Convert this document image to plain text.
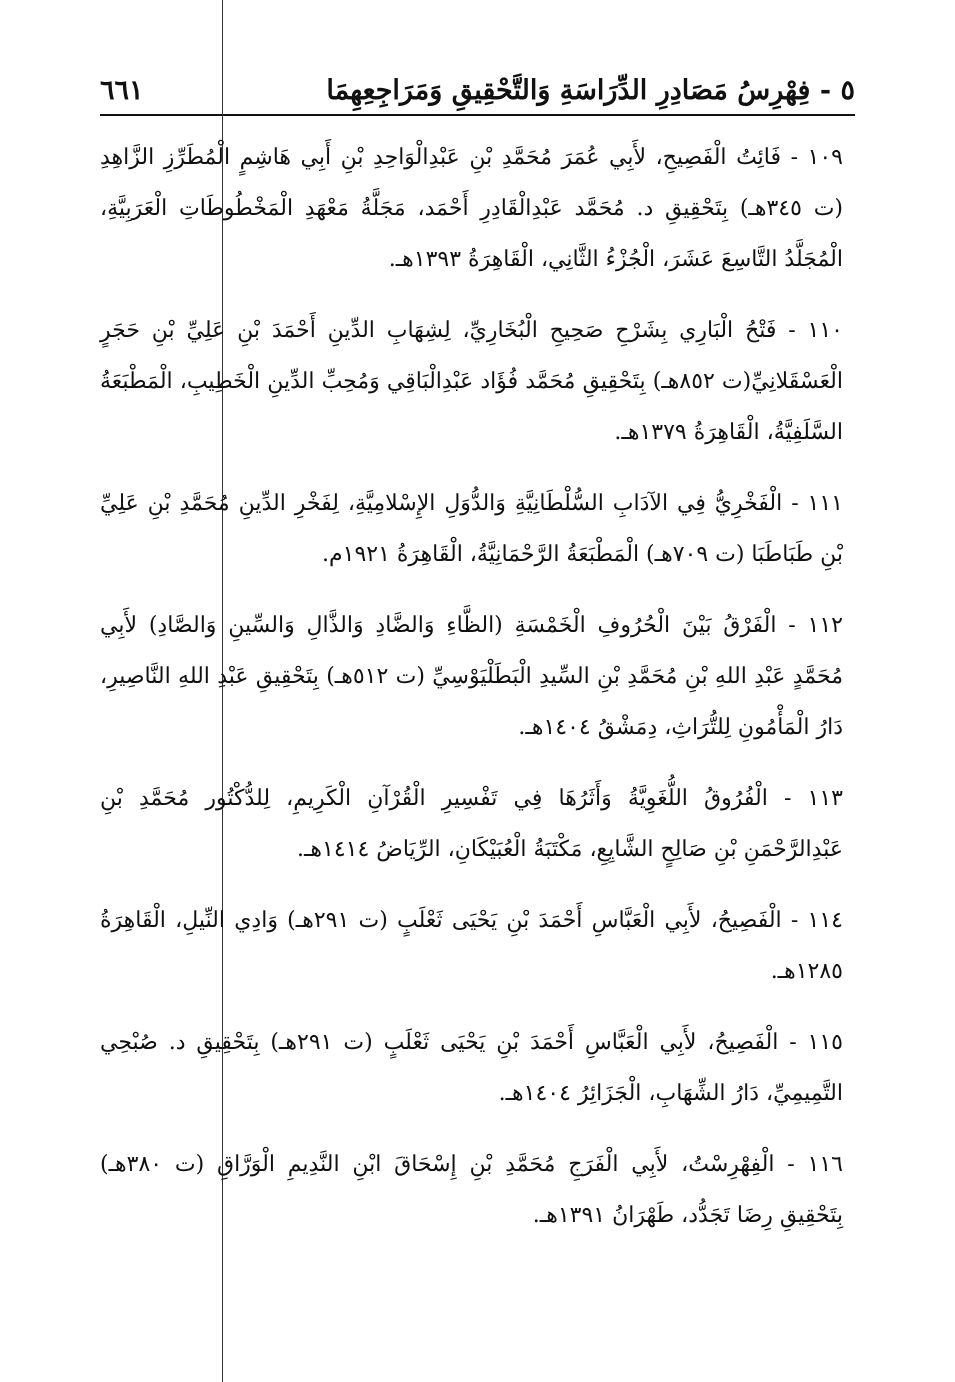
٥ - فِهْرِسُ مَصَادِرِ الدِّرَاسَةِ وَالتَّحْقِيقِ وَمَرَاجِعِهِمَا
٦٦١

١٠٩ - فَائِتُ الْفَصِيحِ، لأَبِي عُمَرَ مُحَمَّدِ بْنِ عَبْدِالْوَاحِدِ بْنِ أَبِي هَاشِمٍ الْمُطَرِّزِ الزَّاهِدِ (ت ٣٤٥هـ) بِتَحْقِيقِ د. مُحَمَّد عَبْدِالْقَادِرِ أَحْمَد، مَجَلَّةُ مَعْهَدِ الْمَخْطُوطَاتِ الْعَرَبِيَّةِ، الْمُجَلَّدُ التَّاسِعَ عَشَرَ، الْجُزْءُ الثَّانِي، الْقَاهِرَةُ ١٣٩٣هـ.

١١٠ - فَتْحُ الْبَارِي بِشَرْحِ صَحِيحِ الْبُخَارِيِّ، لِشِهَابِ الدِّينِ أَحْمَدَ بْنِ عَلِيِّ بْنِ حَجَرٍ الْعَسْقَلانِيِّ(ت ٨٥٢هـ) بِتَحْقِيقِ مُحَمَّد فُؤَاد عَبْدِالْبَاقِي وَمُحِبِّ الدِّينِ الْخَطِيبِ، الْمَطْبَعَةُ السَّلَفِيَّةُ، الْقَاهِرَةُ ١٣٧٩هـ.

١١١ - الْفَخْرِيُّ فِي الآدَابِ السُّلْطَانِيَّةِ وَالدُّوَلِ الإِسْلامِيَّةِ، لِفَخْرِ الدِّينِ مُحَمَّدِ بْنِ عَلِيِّ بْنِ طَبَاطَبَا (ت ٧٠٩هـ) الْمَطْبَعَةُ الرَّحْمَانِيَّةُ، الْقَاهِرَةُ ١٩٢١م.

١١٢ - الْفَرْقُ بَيْنَ الْحُرُوفِ الْخَمْسَةِ (الظَّاءِ وَالضَّادِ وَالذَّالِ وَالسِّينِ وَالصَّادِ) لأَبِي مُحَمَّدٍ عَبْدِ اللهِ بْنِ مُحَمَّدِ بْنِ السِّيدِ الْبَطَلْيَوْسِيِّ (ت ٥١٢هـ) بِتَحْقِيقِ عَبْدِ اللهِ النَّاصِيرِ، دَارُ الْمَأْمُونِ لِلتُّرَاثِ، دِمَشْقُ ١٤٠٤هـ.

١١٣ - الْفُرُوقُ اللُّغَوِيَّةُ وَأَثَرُهَا فِي تَفْسِيرِ الْقُرْآنِ الْكَرِيمِ، لِلدُّكْتُور مُحَمَّدِ بْنِ عَبْدِالرَّحْمَنِ بْنِ صَالِحٍ الشَّايِعِ، مَكْتَبَةُ الْعُبَيْكَانِ، الرِّيَاضُ ١٤١٤هـ.

١١٤ - الْفَصِيحُ، لأَبِي الْعَبَّاسِ أَحْمَدَ بْنِ يَحْيَى ثَعْلَبٍ (ت ٢٩١هـ) وَادِي النِّيلِ، الْقَاهِرَةُ ١٢٨٥هـ.

١١٥ - الْفَصِيحُ، لأَبِي الْعَبَّاسِ أَحْمَدَ بْنِ يَحْيَى ثَعْلَبٍ (ت ٢٩١هـ) بِتَحْقِيقِ د. صُبْحِي التَّمِيمِيِّ، دَارُ الشِّهَابِ، الْجَزَائِرُ ١٤٠٤هـ.

١١٦ - الْفِهْرِسْتُ، لأَبِي الْفَرَجِ مُحَمَّدِ بْنِ إِسْحَاقَ ابْنِ النَّدِيمِ الْوَرَّاقِ (ت ٣٨٠هـ) بِتَحْقِيقِ رِضَا تَجَدُّد، طَهْرَانُ ١٣٩١هـ.
